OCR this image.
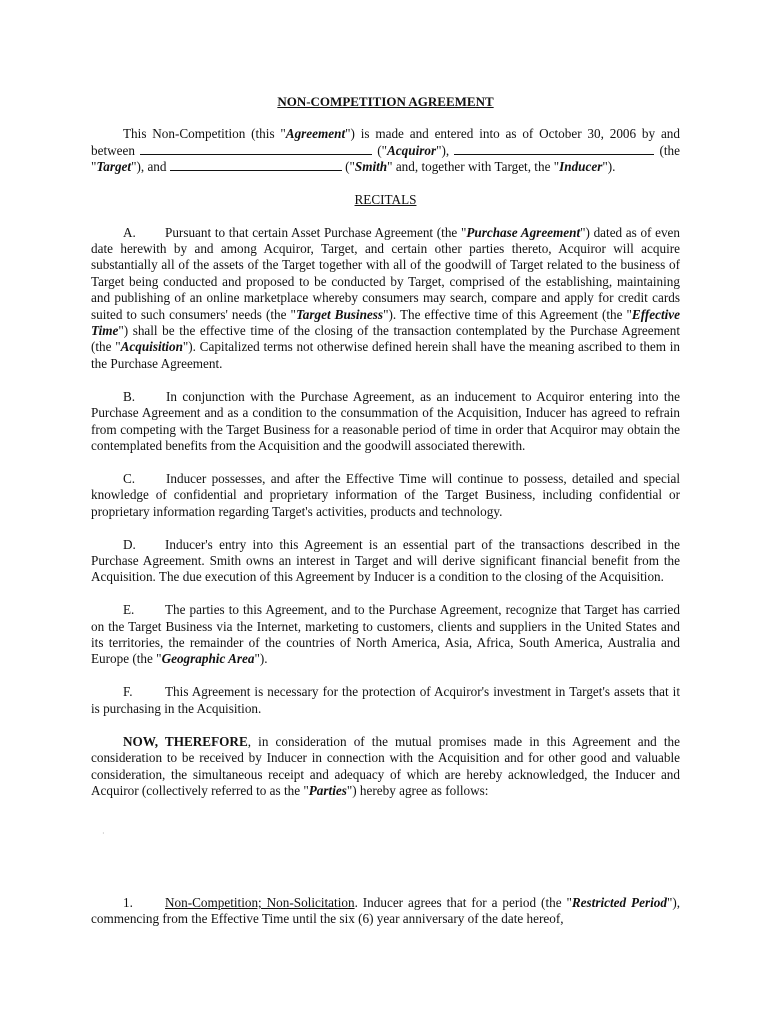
NON-COMPETITION AGREEMENT

This Non-Competition (this "Agreement") is made and entered into as of October 30, 2006 by and between	("Acquiror"),	(the "Target"), and	("Smith" and, together with Target, the "Inducer").

RECITALS

A. Pursuant to that certain Asset Purchase Agreement (the "Purchase Agreement") dated as of even date herewith by and among Acquiror, Target, and certain other parties thereto, Acquiror will acquire substantially all of the assets of the Target together with all of the goodwill of Target related to the business of Target being conducted and proposed to be conducted by Target, comprised of the establishing, maintaining and publishing of an online marketplace whereby consumers may search, compare and apply for credit cards suited to such consumers' needs (the "Target Business"). The effective time of this Agreement (the "Effective Time") shall be the effective time of the closing of the transaction contemplated by the Purchase Agreement (the "Acquisition"). Capitalized terms not otherwise defined herein shall have the meaning ascribed to them in the Purchase Agreement.

B. In conjunction with the Purchase Agreement, as an inducement to Acquiror entering into the Purchase Agreement and as a condition to the consummation of the Acquisition, Inducer has agreed to refrain from competing with the Target Business for a reasonable period of time in order that Acquiror may obtain the contemplated benefits from the Acquisition and the goodwill associated therewith.

C. Inducer possesses, and after the Effective Time will continue to possess, detailed and special knowledge of confidential and proprietary information of the Target Business, including confidential or proprietary information regarding Target's activities, products and technology.

D. Inducer's entry into this Agreement is an essential part of the transactions described in the Purchase Agreement. Smith owns an interest in Target and will derive significant financial benefit from the Acquisition. The due execution of this Agreement by Inducer is a condition to the closing of the Acquisition.

E. The parties to this Agreement, and to the Purchase Agreement, recognize that Target has carried on the Target Business via the Internet, marketing to customers, clients and suppliers in the United States and its territories, the remainder of the countries of North America, Asia, Africa, South America, Australia and Europe (the "Geographic Area").

F. This Agreement is necessary for the protection of Acquiror's investment in Target's assets that it is purchasing in the Acquisition.

NOW, THEREFORE, in consideration of the mutual promises made in this Agreement and the consideration to be received by Inducer in connection with the Acquisition and for other good and valuable consideration, the simultaneous receipt and adequacy of which are hereby acknowledged, the Inducer and Acquiror (collectively referred to as the "Parties") hereby agree as follows:

·

1. Non-Competition; Non-Solicitation. Inducer agrees that for a period (the "Restricted Period"), commencing from the Effective Time until the six (6) year anniversary of the date hereof,
